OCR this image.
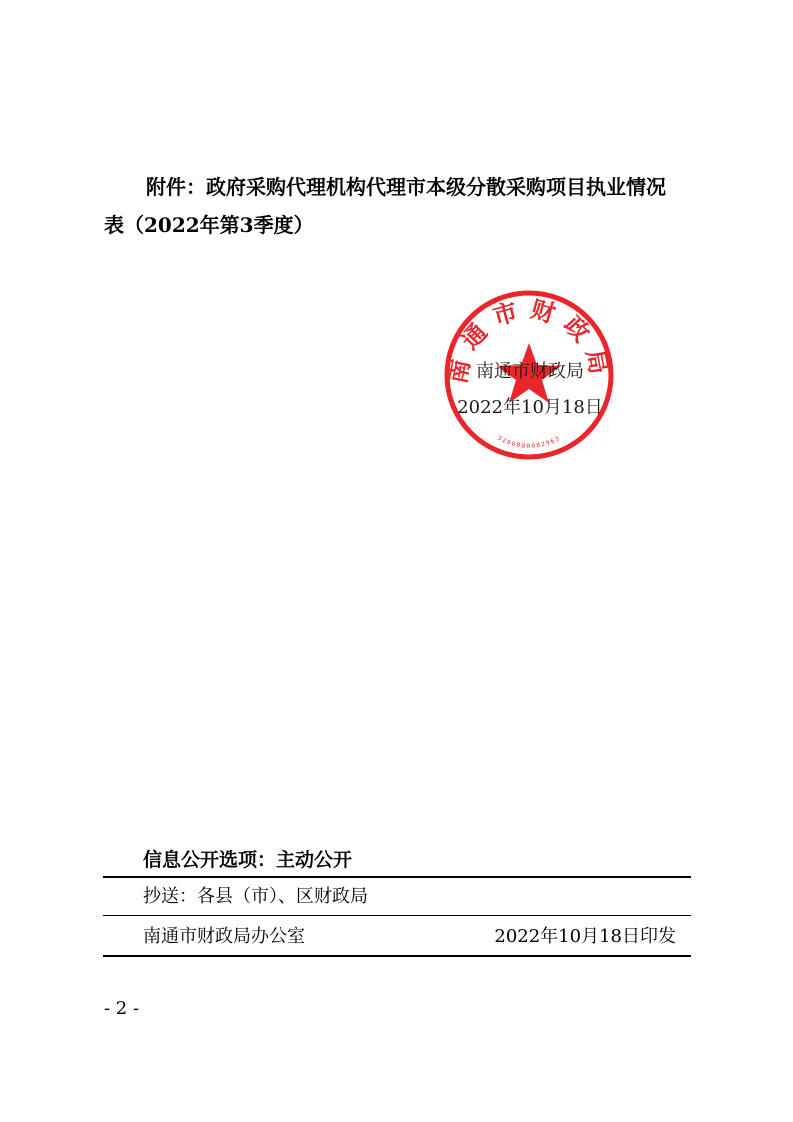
附件：政府采购代理机构代理市本级分散采购项目执业情况
表（2022年第3季度）
南通市财政局
3206000002963
南通市财政局
2022年10月18日
信息公开选项：主动公开
抄送：各县（市）、区财政局
南通市财政局办公室	2022年10月18日印发
- 2 -
